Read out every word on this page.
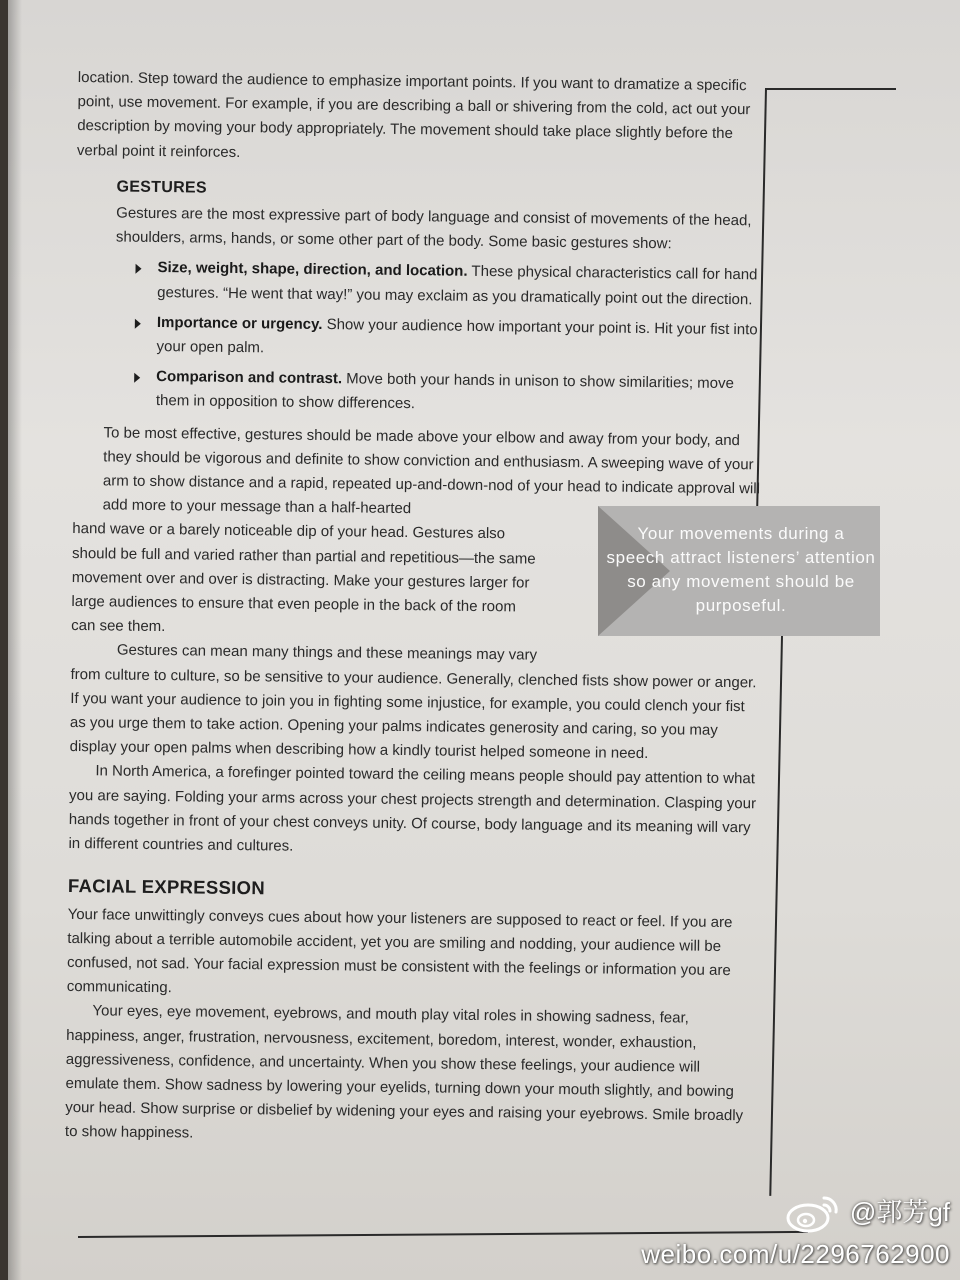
location. Step toward the audience to emphasize important points. If you want to dramatize a specific point, use movement. For example, if you are describing a ball or shivering from the cold, act out your description by moving your body appropriately. The movement should take place slightly before the verbal point it reinforces.

GESTURES

Gestures are the most expressive part of body language and consist of movements of the head, shoulders, arms, hands, or some other part of the body. Some basic gestures show:

Size, weight, shape, direction, and location. These physical characteristics call for hand gestures. “He went that way!” you may exclaim as you dramatically point out the direction.

Importance or urgency. Show your audience how important your point is. Hit your fist into your open palm.

Comparison and contrast. Move both your hands in unison to show similarities; move them in opposition to show differences.

To be most effective, gestures should be made above your elbow and away from your body, and they should be vigorous and definite to show conviction and enthusiasm. A sweeping wave of your arm to show distance and a rapid, repeated up-and-down-nod of your head to indicate approval will add more to your message than a half-hearted

hand wave or a barely noticeable dip of your head. Gestures also should be full and varied rather than partial and repetitious—the same movement over and over is distracting. Make your gestures larger for large audiences to ensure that even people in the back of the room can see them.

Gestures can mean many things and these meanings may vary

from culture to culture, so be sensitive to your audience. Generally, clenched fists show power or anger. If you want your audience to join you in fighting some injustice, for example, you could clench your fist as you urge them to take action. Opening your palms indicates generosity and caring, so you may display your open palms when describing how a kindly tourist helped someone in need.

In North America, a forefinger pointed toward the ceiling means people should pay attention to what you are saying. Folding your arms across your chest projects strength and determination. Clasping your hands together in front of your chest conveys unity. Of course, body language and its meaning will vary in different countries and cultures.

FACIAL EXPRESSION

Your face unwittingly conveys cues about how your listeners are supposed to react or feel. If you are talking about a terrible automobile accident, yet you are smiling and nodding, your audience will be confused, not sad. Your facial expression must be consistent with the feelings or information you are communicating.

Your eyes, eye movement, eyebrows, and mouth play vital roles in showing sadness, fear, happiness, anger, frustration, nervousness, excitement, boredom, interest, wonder, exhaustion, aggressiveness, confidence, and uncertainty. When you show these feelings, your audience will emulate them. Show sadness by lowering your eyelids, turning down your mouth slightly, and bowing your head. Show surprise or disbelief by widening your eyes and raising your eyebrows. Smile broadly to show happiness.

Your movements during a speech attract listeners’ attention so any movement should be purposeful.
@郭芳gf
weibo.com/u/2296762900
